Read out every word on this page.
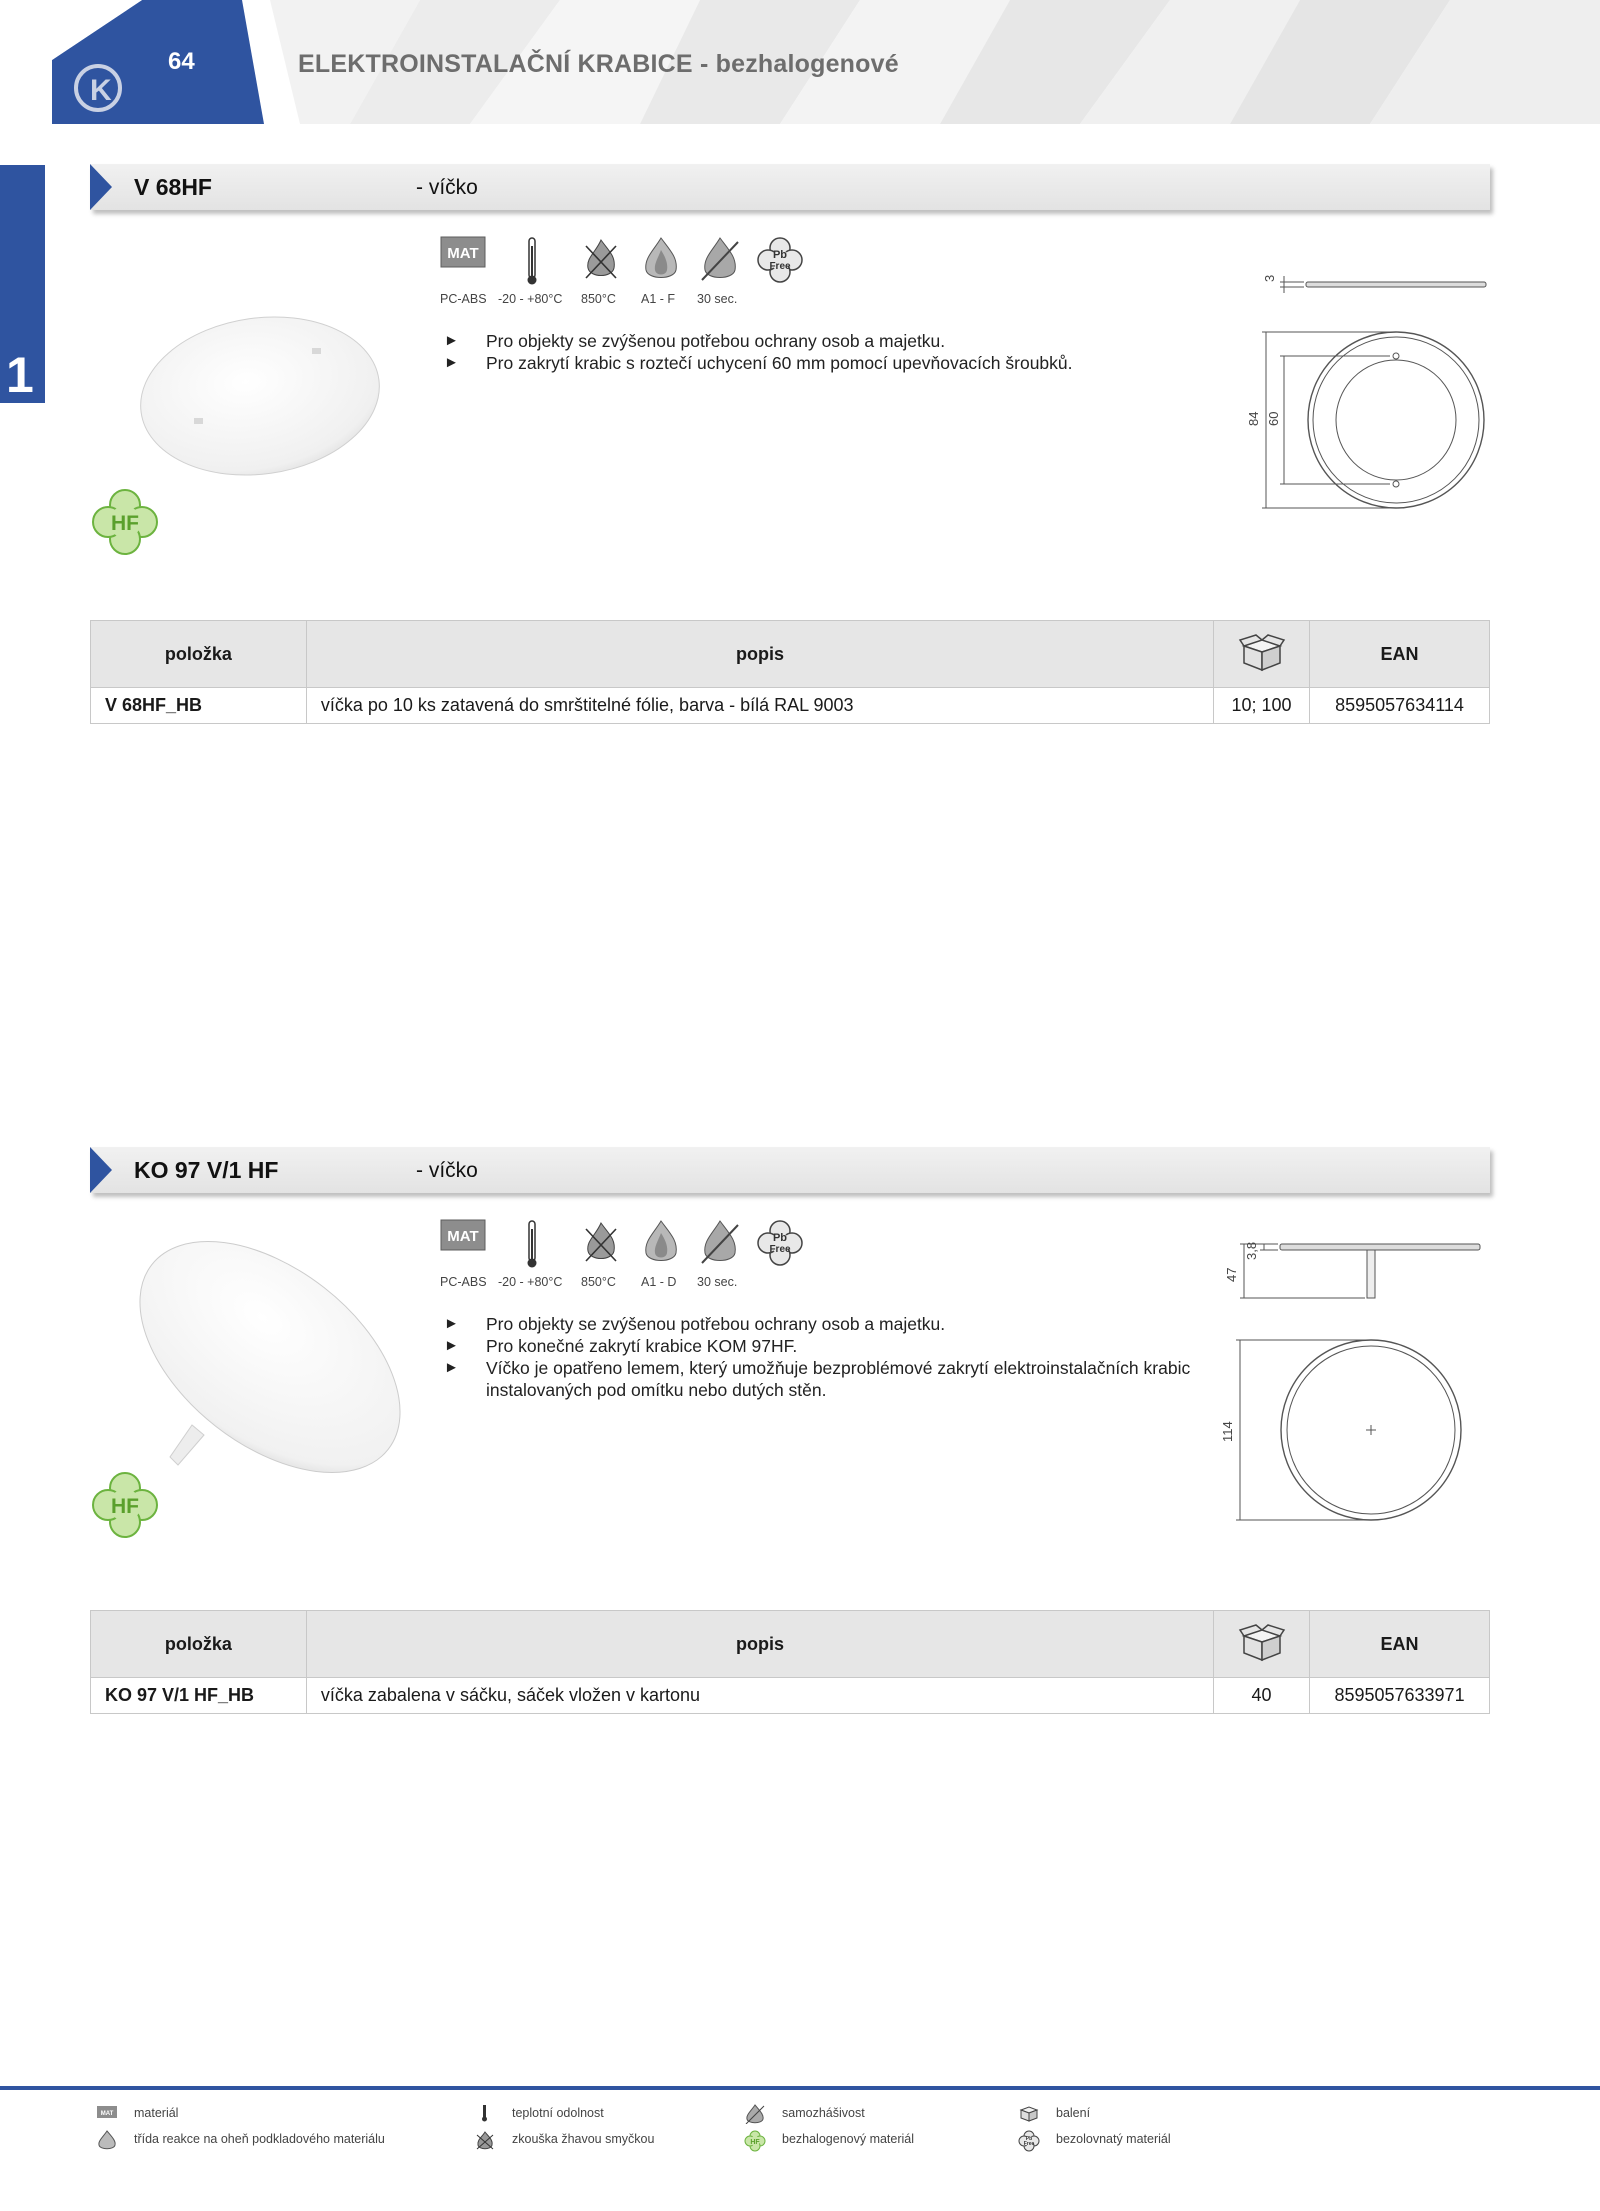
K
64	ELEKTROINSTALAČNÍ KRABICE - bezhalogenové
1
V 68HF	- víčko
MAT	Pb
Free
PC-ABS -20 - +80°C 850°C A1 - F 30 sec.
► Pro objekty se zvýšenou potřebou ochrany osob a majetku.
► Pro zakrytí krabic s roztečí uchycení 60 mm pomocí upevňovacích šroubků.
HF
3
84 60
položka	popis		EAN
V 68HF_HB	víčka po 10 ks zatavená do smrštitelné fólie, barva - bílá RAL 9003	10; 100	8595057634114
KO 97 V/1 HF	- víčko
MAT	Pb
Free
PC-ABS -20 - +80°C 850°C A1 - D 30 sec.
► Pro objekty se zvýšenou potřebou ochrany osob a majetku.
► Pro konečné zakrytí krabice KOM 97HF.
► Víčko je opatřeno lemem, který umožňuje bezproblémové zakrytí elektroinstalačních krabic instalovaných pod omítku nebo dutých stěn.
HF
47
3,8
114
položka	popis		EAN
KO 97 V/1 HF_HB	víčka zabalena v sáčku, sáček vložen v kartonu	40	8595057633971
MAT materiál	teplotní odolnost	samozhášivost	balení
třída reakce na oheň podkladového materiálu	zkouška žhavou smyčkou	HF bezhalogenový materiál	Pb
Free bezolovnatý materiál
